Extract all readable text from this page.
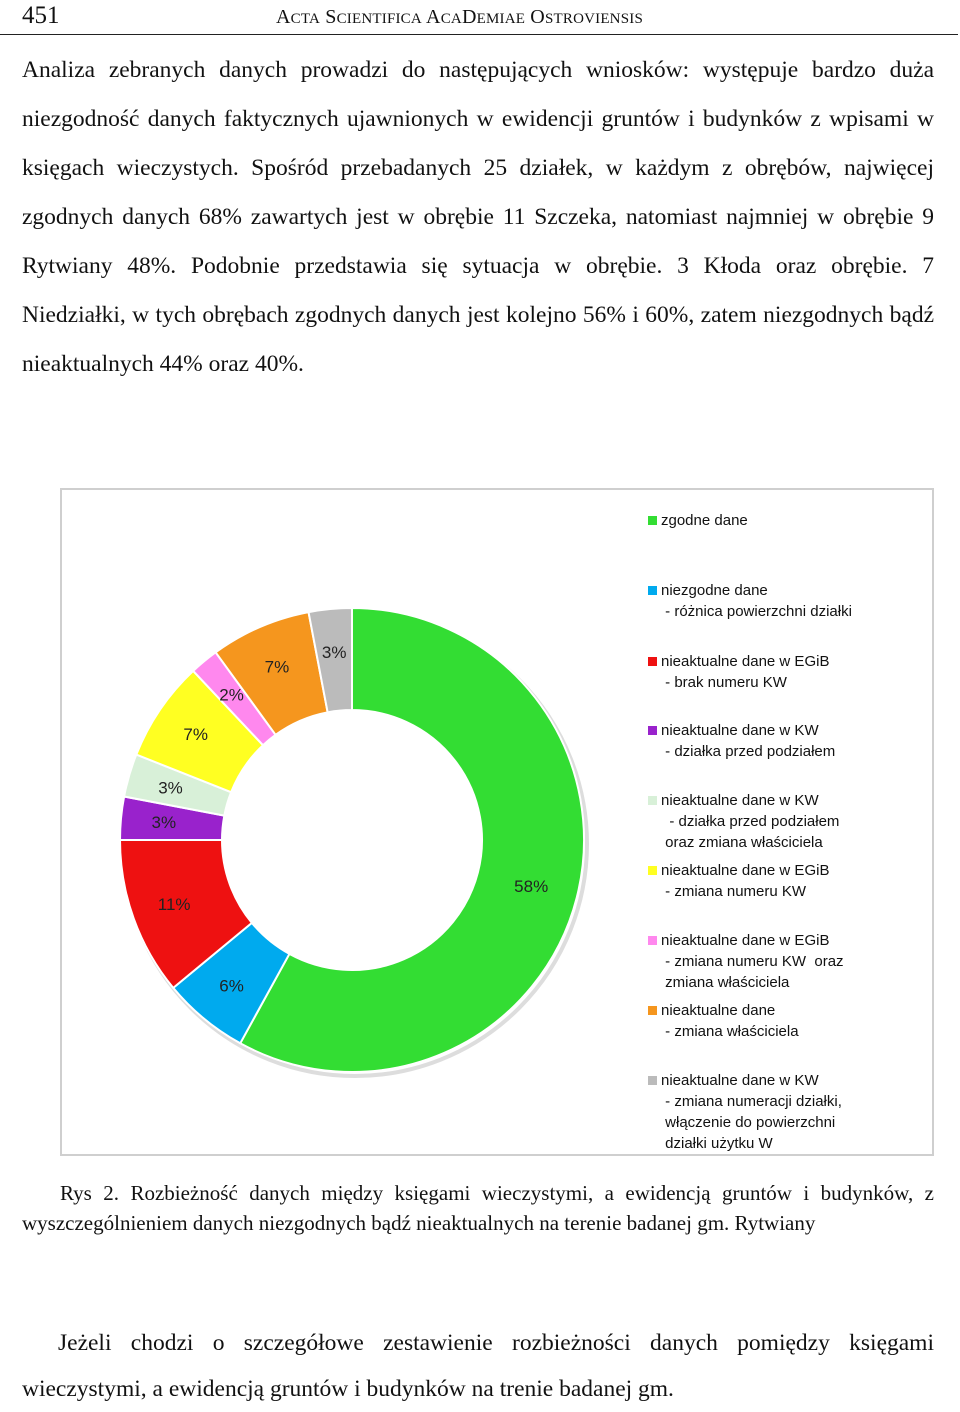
451	ACTA SCIENTIFICA ACADEMIAE OSTROVIENSIS
Analiza zebranych danych prowadzi do następujących wniosków: występuje bardzo duża niezgodność danych faktycznych ujawnionych w ewidencji gruntów i budynków z wpisami w księgach wieczystych. Spośród przebadanych 25 działek, w każdym z obrębów, najwięcej zgodnych danych 68% zawartych jest w obrębie 11 Szczeka, natomiast najmniej w obrębie 9 Rytwiany 48%. Podobnie przedstawia się sytuacja w obrębie. 3 Kłoda oraz obrębie. 7 Niedziałki, w tych obrębach zgodnych danych jest kolejno 56% i 60%, zatem niezgodnych bądź nieaktualnych 44% oraz 40%.
58%
6%
11%
3%
3%
7%
2%
7%
3%
zgodne dane
niezgodne dane
- różnica powierzchni działki
nieaktualne dane w EGiB
- brak numeru KW
nieaktualne dane w KW
- działka przed podziałem
nieaktualne dane w KW
- działka przed podziałem
oraz zmiana właściciela
nieaktualne dane w EGiB
- zmiana numeru KW
nieaktualne dane w EGiB
- zmiana numeru KW  oraz
zmiana właściciela
nieaktualne dane
- zmiana właściciela
nieaktualne dane w KW
- zmiana numeracji działki,
włączenie do powierzchni
działki użytku W
Rys 2. Rozbieżność danych między księgami wieczystymi, a ewidencją gruntów i budynków, z wyszczególnieniem danych niezgodnych bądź nieaktualnych na terenie badanej gm. Rytwiany
Jeżeli chodzi o szczegółowe zestawienie rozbieżności danych pomiędzy księgami wieczystymi, a ewidencją gruntów i budynków na trenie badanej gm.
